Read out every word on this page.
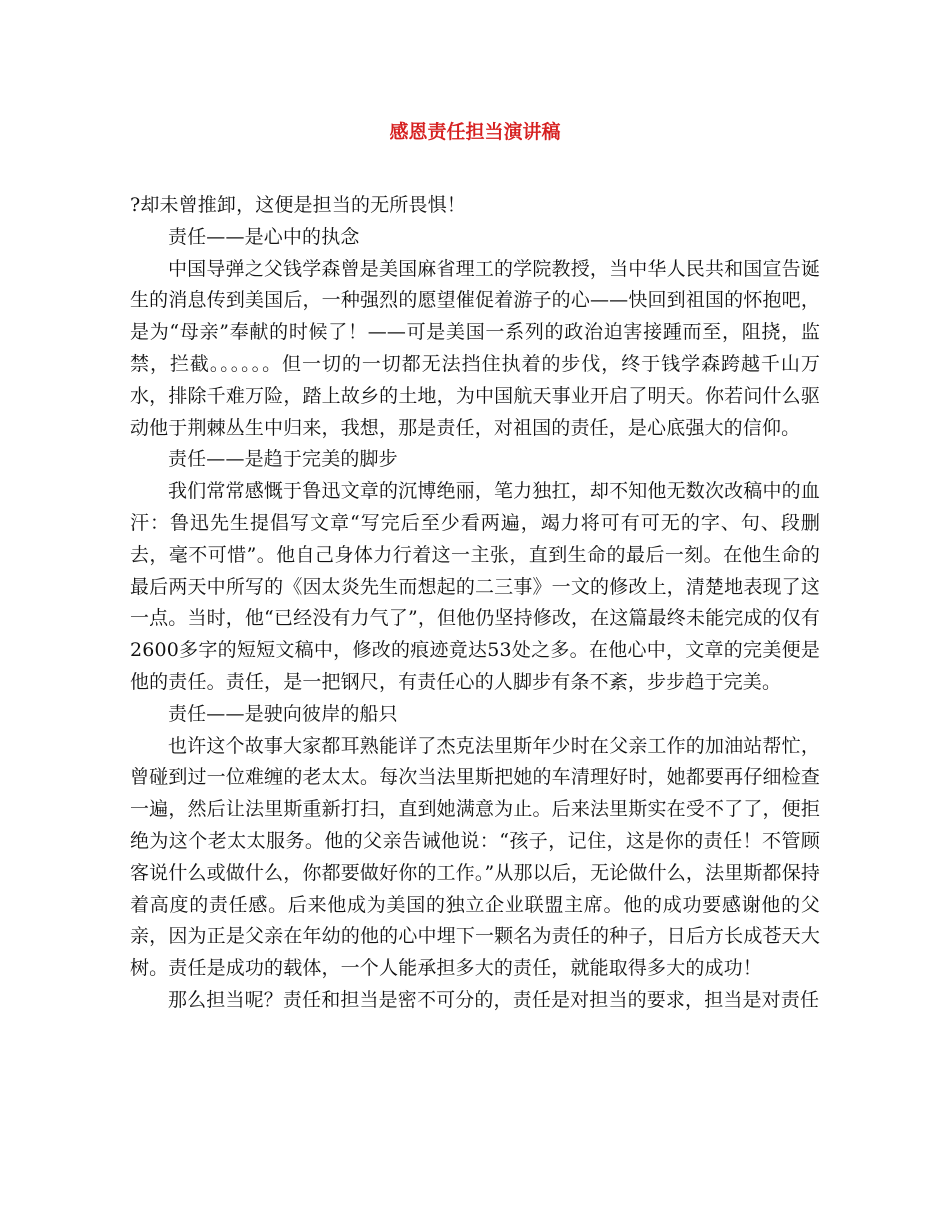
感恩责任担当演讲稿

?却未曾推卸，这便是担当的无所畏惧！

责任——是心中的执念

中国导弹之父钱学森曾是美国麻省理工的学院教授，当中华人民共和国宣告诞生的消息传到美国后，一种强烈的愿望催促着游子的心——快回到祖国的怀抱吧，是为“母亲”奉献的时候了！——可是美国一系列的政治迫害接踵而至，阻挠，监禁，拦截。。。。。。但一切的一切都无法挡住执着的步伐，终于钱学森跨越千山万水，排除千难万险，踏上故乡的土地，为中国航天事业开启了明天。你若问什么驱动他于荆棘丛生中归来，我想，那是责任，对祖国的责任，是心底强大的信仰。

责任——是趋于完美的脚步

我们常常感慨于鲁迅文章的沉博绝丽，笔力独扛，却不知他无数次改稿中的血汗：鲁迅先生提倡写文章“写完后至少看两遍，竭力将可有可无的字、句、段删去，毫不可惜”。他自己身体力行着这一主张，直到生命的最后一刻。在他生命的最后两天中所写的《因太炎先生而想起的二三事》一文的修改上，清楚地表现了这一点。当时，他“已经没有力气了”，但他仍坚持修改，在这篇最终未能完成的仅有2600多字的短短文稿中，修改的痕迹竟达53处之多。在他心中，文章的完美便是他的责任。责任，是一把钢尺，有责任心的人脚步有条不紊，步步趋于完美。

责任——是驶向彼岸的船只

也许这个故事大家都耳熟能详了杰克法里斯年少时在父亲工作的加油站帮忙，曾碰到过一位难缠的老太太。每次当法里斯把她的车清理好时，她都要再仔细检查一遍，然后让法里斯重新打扫，直到她满意为止。后来法里斯实在受不了了，便拒绝为这个老太太服务。他的父亲告诫他说：“孩子，记住，这是你的责任！不管顾客说什么或做什么，你都要做好你的工作。”从那以后，无论做什么，法里斯都保持着高度的责任感。后来他成为美国的独立企业联盟主席。他的成功要感谢他的父亲，因为正是父亲在年幼的他的心中埋下一颗名为责任的种子，日后方长成苍天大树。责任是成功的载体，一个人能承担多大的责任，就能取得多大的成功！

那么担当呢？责任和担当是密不可分的，责任是对担当的要求，担当是对责任
